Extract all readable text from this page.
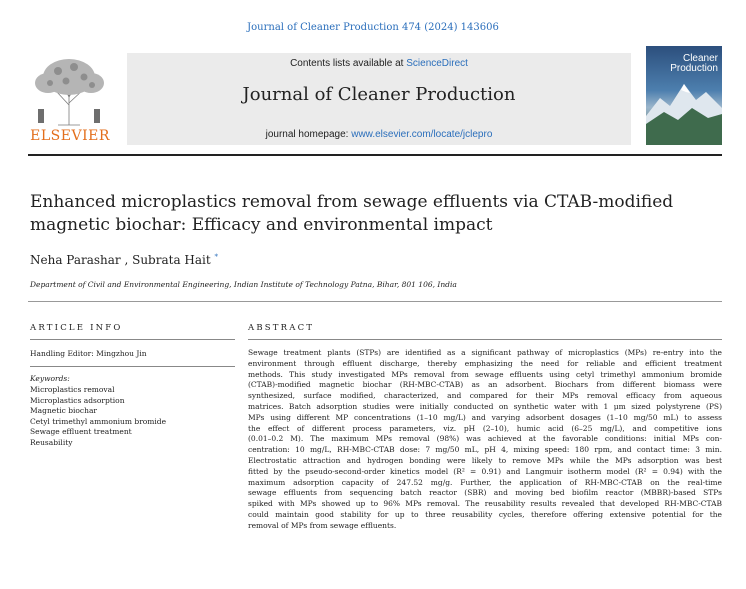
Journal of Cleaner Production 474 (2024) 143606
ELSEVIER
Contents lists available at ScienceDirect
Journal of Cleaner Production
journal homepage: www.elsevier.com/locate/jclepro
Cleaner
Production
Enhanced microplastics removal from sewage effluents via CTAB-modified
magnetic biochar: Efficacy and environmental impact
Neha Parashar , Subrata Hait *
Department of Civil and Environmental Engineering, Indian Institute of Technology Patna, Bihar, 801 106, India
ARTICLE INFO	ABSTRACT
Handling Editor: Mingzhou Jin
Keywords:
Microplastics removal
Microplastics adsorption
Magnetic biochar
Cetyl trimethyl ammonium bromide
Sewage effluent treatment
Reusability
Sewage treatment plants (STPs) are identified as a significant pathway of microplastics (MPs) re-entry into the
environment through effluent discharge, thereby emphasizing the need for reliable and efficient treatment
methods. This study investigated MPs removal from sewage effluents using cetyl trimethyl ammonium bromide
(CTAB)-modified magnetic biochar (RH-MBC-CTAB) as an adsorbent. Biochars from different biomass were
synthesized, surface modified, characterized, and compared for their MPs removal efficacy from aqueous
matrices. Batch adsorption studies were initially conducted on synthetic water with 1 μm sized polystyrene (PS)
MPs using different MP concentrations (1–10 mg/L) and varying adsorbent dosages (1–10 mg/50 mL) to assess
the effect of different process parameters, viz. pH (2–10), humic acid (6–25 mg/L), and competitive ions
(0.01–0.2 M). The maximum MPs removal (98%) was achieved at the favorable conditions: initial MPs con-
centration: 10 mg/L, RH-MBC-CTAB dose: 7 mg/50 mL, pH 4, mixing speed: 180 rpm, and contact time: 3 min.
Electrostatic attraction and hydrogen bonding were likely to remove MPs while the MPs adsorption was best
fitted by the pseudo-second-order kinetics model (R² = 0.91) and Langmuir isotherm model (R² = 0.94) with the
maximum adsorption capacity of 247.52 mg/g. Further, the application of RH-MBC-CTAB on the real-time
sewage effluents from sequencing batch reactor (SBR) and moving bed biofilm reactor (MBBR)-based STPs
spiked with MPs showed up to 96% MPs removal. The reusability results revealed that developed RH-MBC-CTAB
could maintain good stability for up to three reusability cycles, therefore offering extensive potential for the
removal of MPs from sewage effluents.
